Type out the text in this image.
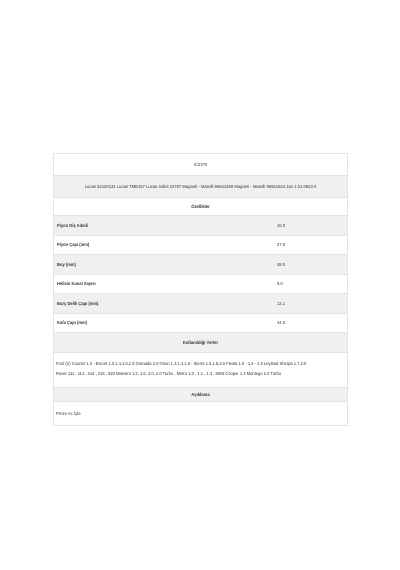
IC2370
Lucas 54120131 Lucas TMB157 Lucas Indiel 22767 Magneti - Marelli 95641469 Magneti - Marelli 95641544 Jan 1.01.0823.0
Özellikler
Piyon Diş Adedi	10.0
Piyon Çapı (mm)	27.9
Boy (mm)	48.0
Helisin Kanal Sayısı	9.0
Burç Delik Çapı (mm)	12.1
Kafa Çapı (mm)	44.5
Kullanıldığı Yerler
Ford (2) Courier 1.3 - Escort 1.3,1.4,1.6,1.8 Granada 2.0 Orion 1.3,1.4,1.6 - Sierra 1.6,1.8,2.0 Fiesta 1.0 - 1.4 - 1.6 Leyland Sherpa 1.7,2.0
Rover 111 , 114 , 214 , 216 , 820 Maestro 1.3, 1.6, 2.0, 2.0 Turbo , Metro 1.0 , 1.1 , 1.3 , MINI Cöoper 1.3 Montego 2.0 Turbo
Açıklama
Preze Ac.İçte
